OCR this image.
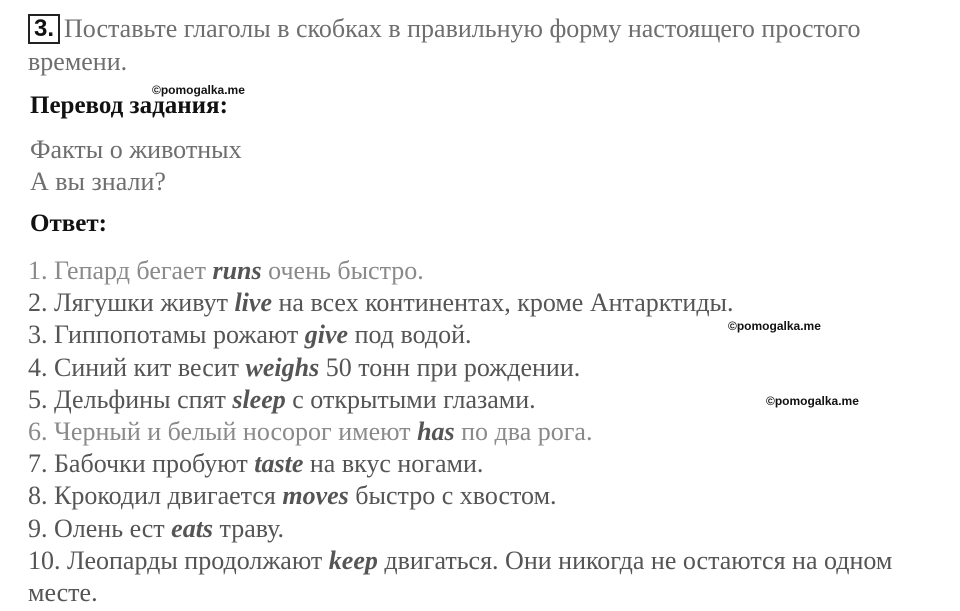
3. Поставьте глаголы в скобках в правильную форму настоящего простого времени.
©pomogalka.me
©pomogalka.me
©pomogalka.me
Перевод задания:
Факты о животных
А вы знали?
Ответ:
1. Гепард бегает runs очень быстро.
2. Лягушки живут live на всех континентах, кроме Антарктиды.
3. Гиппопотамы рожают give под водой.
4. Синий кит весит weighs 50 тонн при рождении.
5. Дельфины спят sleep с открытыми глазами.
6. Черный и белый носорог имеют has по два рога.
7. Бабочки пробуют taste на вкус ногами.
8. Крокодил двигается moves быстро с хвостом.
9. Олень ест eats траву.
10. Леопарды продолжают keep двигаться. Они никогда не остаются на одном месте.
